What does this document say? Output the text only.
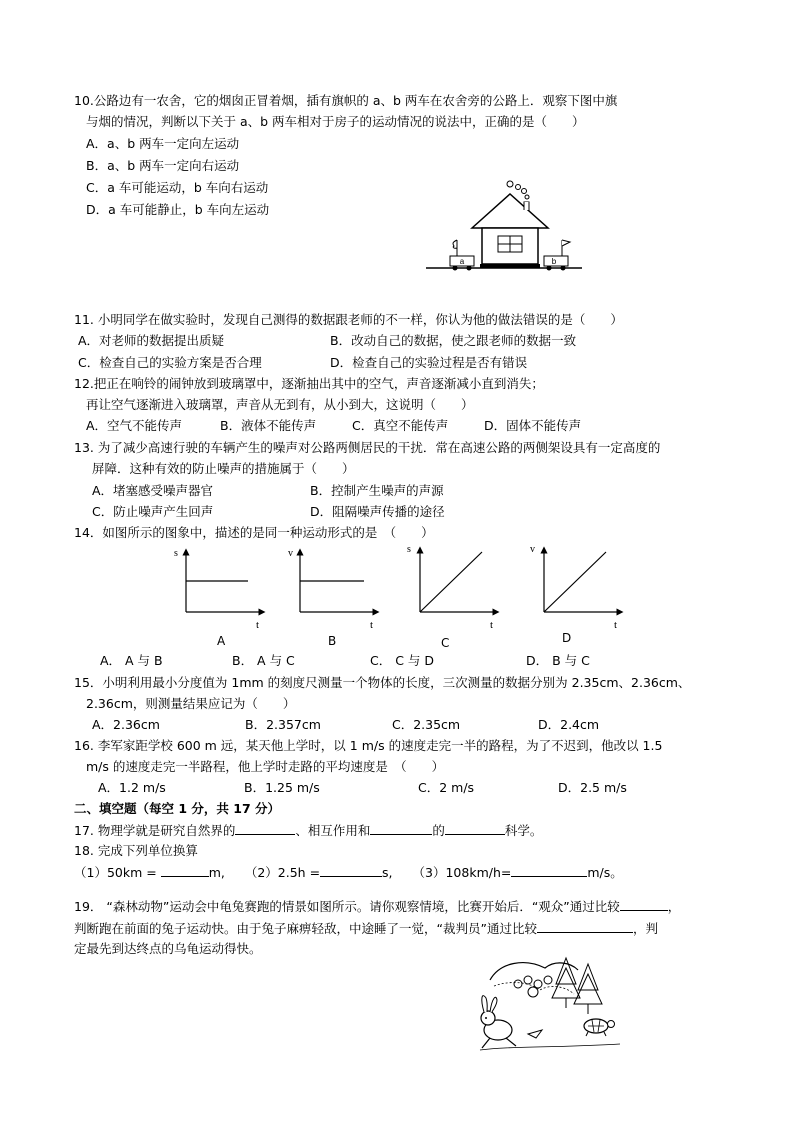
10.公路边有一农舍，它的烟囱正冒着烟，插有旗帜的 a、b 两车在农舍旁的公路上．观察下图中旗
与烟的情况，判断以下关于 a、b 两车相对于房子的运动情况的说法中，正确的是（　　）
A．a、b 两车一定向左运动
B．a、b 两车一定向右运动
C．a 车可能运动，b 车向右运动
D．a 车可能静止，b 车向左运动
a	b
11. 小明同学在做实验时，发现自己测得的数据跟老师的不一样，你认为他的做法错误的是（　　）
A．对老师的数据提出质疑	B．改动自己的数据，使之跟老师的数据一致
C．检查自己的实验方案是否合理	D．检查自己的实验过程是否有错误
12.把正在响铃的闹钟放到玻璃罩中，逐渐抽出其中的空气，声音逐渐减小直到消失；
再让空气逐渐进入玻璃罩，声音从无到有，从小到大，这说明（　　）
A．空气不能传声	B．液体不能传声	C．真空不能传声	D．固体不能传声
13. 为了减少高速行驶的车辆产生的噪声对公路两侧居民的干扰．常在高速公路的两侧架设具有一定高度的
屏障．这种有效的防止噪声的措施属于（　　）
A．堵塞感受噪声器官	B．控制产生噪声的声源
C．防止噪声产生回声	D．阻隔噪声传播的途径
14．如图所示的图象中，描述的是同一种运动形式的是　（　　）
s
t
A
v
t
B
s
t
C
v
t
D
A． A 与 B	B． A 与 C	C． C 与 D	D． B 与 C
15．小明利用最小分度值为 1mm 的刻度尺测量一个物体的长度，三次测量的数据分别为 2.35cm、2.36cm、
2.36cm，则测量结果应记为（　　）
A．2.36cm	B．2.357cm	C．2.35cm	D．2.4cm
16. 李军家距学校 600 m 远，某天他上学时，以 1 m/s 的速度走完一半的路程，为了不迟到，他改以 1.5
m/s 的速度走完一半路程，他上学时走路的平均速度是　（　　）
A．1.2 m/s	B．1.25 m/s	C．2 m/s	D．2.5 m/s
二、填空题（每空 1 分，共 17 分）
17. 物理学就是研究自然界的	、相互作用和	的	科学。
18. 完成下列单位换算
（1）50km =	m, （2）2.5h =	s, （3）108km/h=	m/s。
19． “森林动物”运动会中龟兔赛跑的情景如图所示。请你观察情境，比赛开始后．“观众”通过比较	，
判断跑在前面的兔子运动快。由于兔子麻痹轻敌，中途睡了一觉，“裁判员”通过比较	，判
定最先到达终点的乌龟运动得快。
